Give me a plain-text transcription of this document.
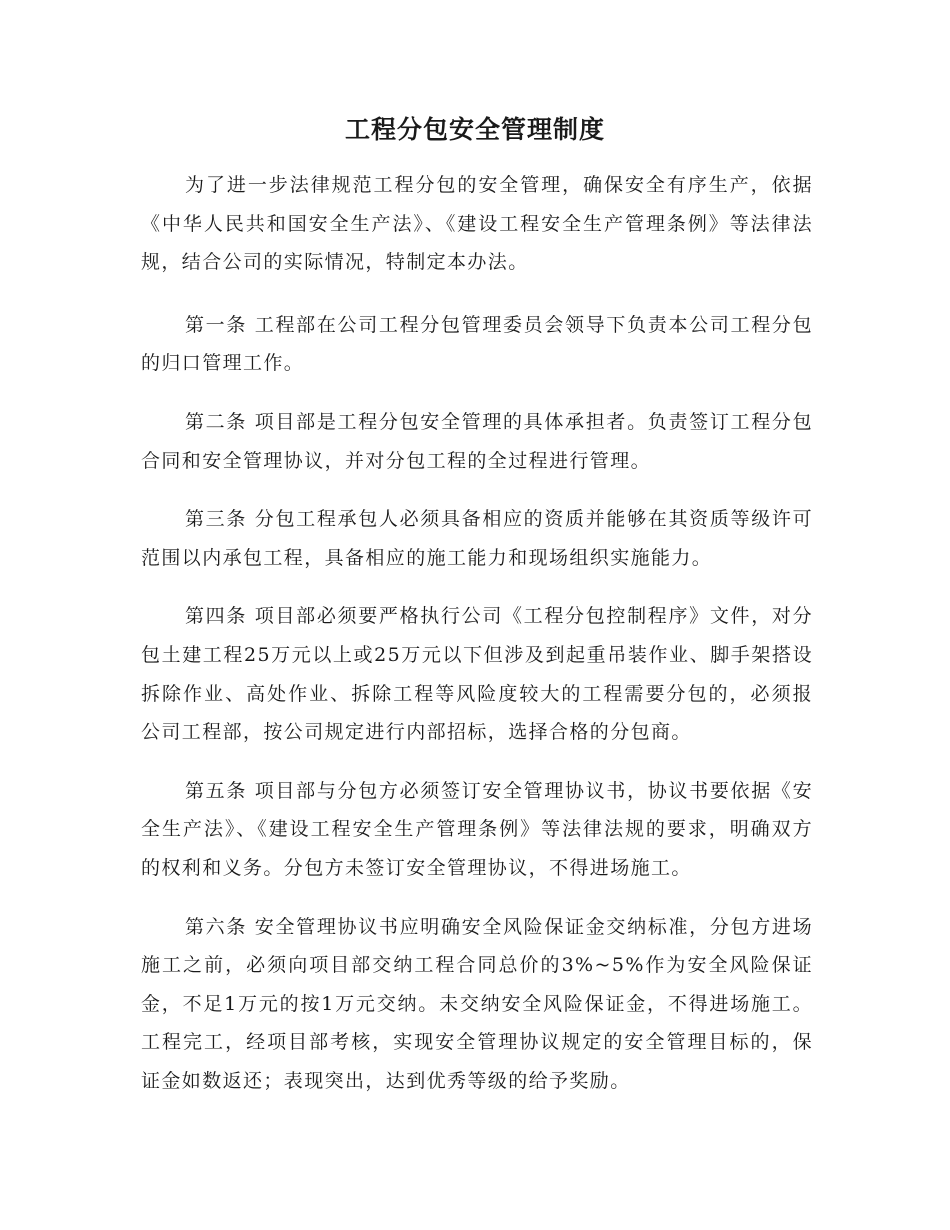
工程分包安全管理制度

为了进一步法律规范工程分包的安全管理，确保安全有序生产，依据《中华人民共和国安全生产法》、《建设工程安全生产管理条例》等法律法规，结合公司的实际情况，特制定本办法。

第一条 工程部在公司工程分包管理委员会领导下负责本公司工程分包的归口管理工作。

第二条 项目部是工程分包安全管理的具体承担者。负责签订工程分包合同和安全管理协议，并对分包工程的全过程进行管理。

第三条 分包工程承包人必须具备相应的资质并能够在其资质等级许可范围以内承包工程，具备相应的施工能力和现场组织实施能力。

第四条 项目部必须要严格执行公司《工程分包控制程序》文件，对分包土建工程25万元以上或25万元以下但涉及到起重吊装作业、脚手架搭设拆除作业、高处作业、拆除工程等风险度较大的工程需要分包的，必须报公司工程部，按公司规定进行内部招标，选择合格的分包商。

第五条 项目部与分包方必须签订安全管理协议书，协议书要依据《安全生产法》、《建设工程安全生产管理条例》等法律法规的要求，明确双方的权利和义务。分包方未签订安全管理协议，不得进场施工。

第六条 安全管理协议书应明确安全风险保证金交纳标准，分包方进场施工之前，必须向项目部交纳工程合同总价的3%~5%作为安全风险保证金，不足1万元的按1万元交纳。未交纳安全风险保证金，不得进场施工。工程完工，经项目部考核，实现安全管理协议规定的安全管理目标的，保证金如数返还；表现突出，达到优秀等级的给予奖励。
